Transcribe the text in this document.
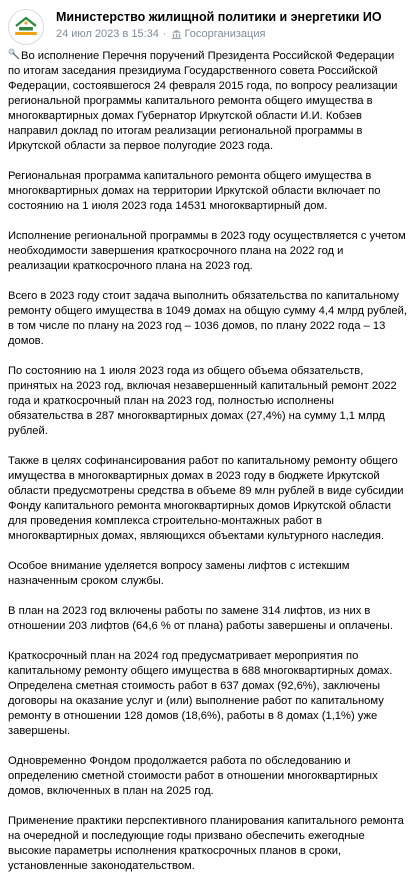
Министерство жилищной политики и энергетики ИО
24 июл 2023 в 15:34 · Госорганизация

Во исполнение Перечня поручений Президента Российской Федерации по итогам заседания президиума Государственного совета Российской Федерации, состоявшегося 24 февраля 2015 года, по вопросу реализации региональной программы капитального ремонта общего имущества в многоквартирных домах Губернатор Иркутской области И.И. Кобзев направил доклад по итогам реализации региональной программы в Иркутской области за первое полугодие 2023 года.

Региональная программа капитального ремонта общего имущества в многоквартирных домах на территории Иркутской области включает по состоянию на 1 июля 2023 года 14531 многоквартирный дом.

Исполнение региональной программы в 2023 году осуществляется с учетом необходимости завершения краткосрочного плана на 2022 год и реализации краткосрочного плана на 2023 год.

Всего в 2023 году стоит задача выполнить обязательства по капитальному ремонту общего имущества в 1049 домах на общую сумму 4,4 млрд рублей, в том числе по плану на 2023 год – 1036 домов, по плану 2022 года – 13 домов.

По состоянию на 1 июля 2023 года из общего объема обязательств, принятых на 2023 год, включая незавершенный капитальный ремонт 2022 года и краткосрочный план на 2023 год, полностью исполнены обязательства в 287 многоквартирных домах (27,4%) на сумму 1,1 млрд рублей.

Также в целях софинансирования работ по капитальному ремонту общего имущества в многоквартирных домах в 2023 году в бюджете Иркутской области предусмотрены средства в объеме 89 млн рублей в виде субсидии Фонду капитального ремонта многоквартирных домов Иркутской области для проведения комплекса строительно-монтажных работ в многоквартирных домах, являющихся объектами культурного наследия.

Особое внимание уделяется вопросу замены лифтов с истекшим назначенным сроком службы.

В план на 2023 год включены работы по замене 314 лифтов, из них в отношении 203 лифтов (64,6 % от плана) работы завершены и оплачены.

Краткосрочный план на 2024 год предусматривает мероприятия по капитальному ремонту общего имущества в 688 многоквартирных домах. Определена сметная стоимость работ в 637 домах (92,6%), заключены договоры на оказание услуг и (или) выполнение работ по капитальному ремонту в отношении 128 домов (18,6%), работы в 8 домах (1,1%) уже завершены.

Одновременно Фондом продолжается работа по обследованию и определению сметной стоимости работ в отношении многоквартирных домов, включенных в план на 2025 год.

Применение практики перспективного планирования капитального ремонта на очередной и последующие годы призвано обеспечить ежегодные высокие параметры исполнения краткосрочных планов в сроки, установленные законодательством.
